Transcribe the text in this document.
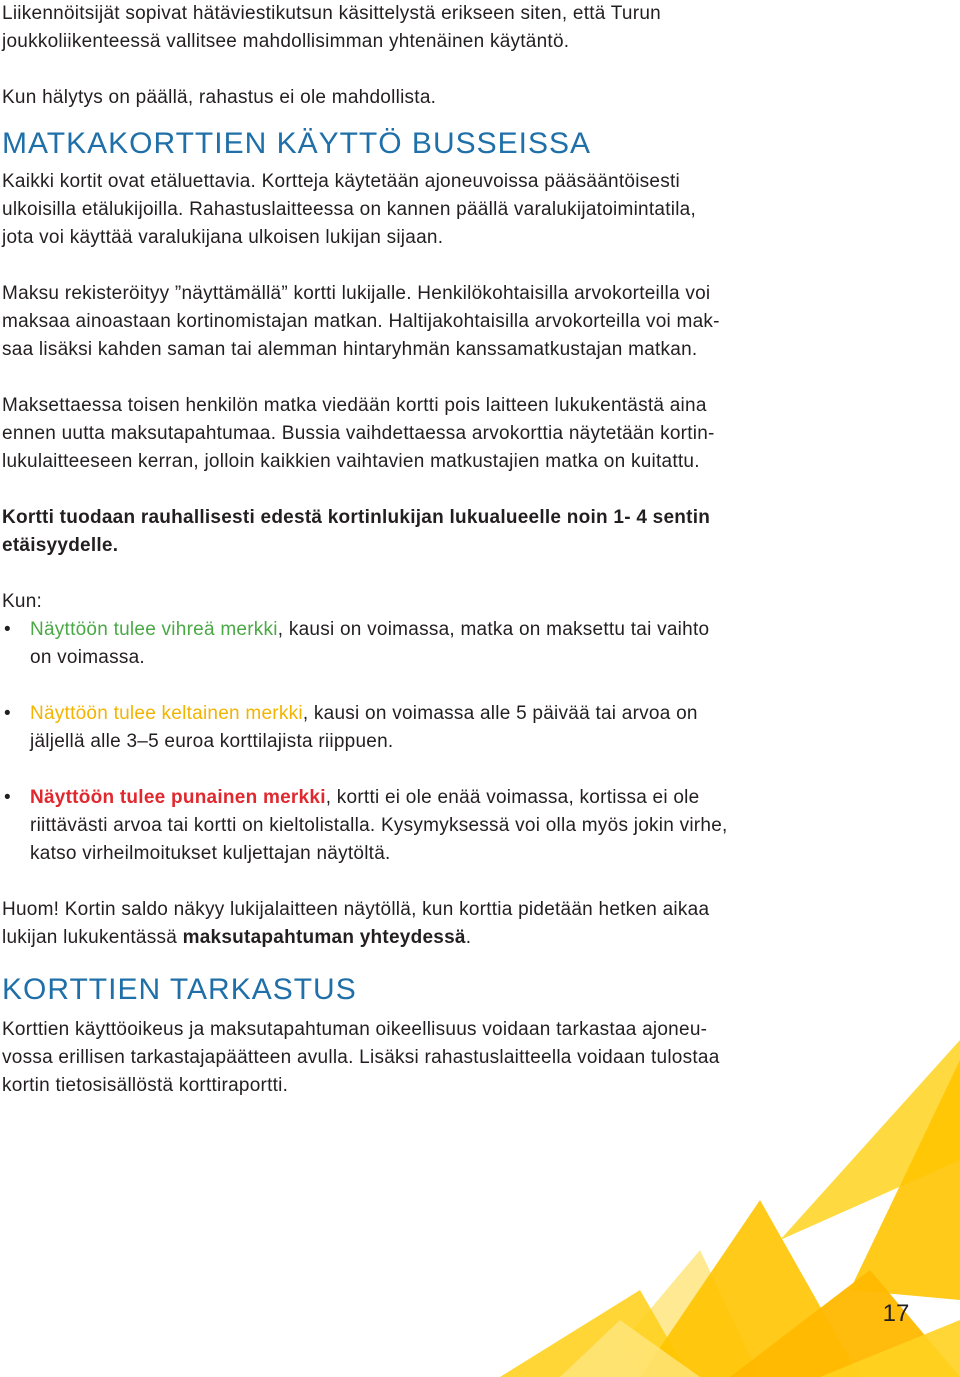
Liikennöitsijät sopivat hätäviestikutsun käsittelystä erikseen siten, että Turun
joukkoliikenteessä vallitsee mahdollisimman yhtenäinen käytäntö.

Kun hälytys on päällä, rahastus ei ole mahdollista.

MATKAKORTTIEN KÄYTTÖ BUSSEISSA

Kaikki kortit ovat etäluettavia. Kortteja käytetään ajoneuvoissa pääsääntöisesti
ulkoisilla etälukijoilla. Rahastuslaitteessa on kannen päällä varalukijatoimintatila,
jota voi käyttää varalukijana ulkoisen lukijan sijaan.

Maksu rekisteröityy ”näyttämällä” kortti lukijalle. Henkilökohtaisilla arvokorteilla voi
maksaa ainoastaan kortinomistajan matkan. Haltijakohtaisilla arvokorteilla voi mak-
saa lisäksi kahden saman tai alemman hintaryhmän kanssamatkustajan matkan.

Maksettaessa toisen henkilön matka viedään kortti pois laitteen lukukentästä aina
ennen uutta maksutapahtumaa. Bussia vaihdettaessa arvokorttia näytetään kortin-
lukulaitteeseen kerran, jolloin kaikkien vaihtavien matkustajien matka on kuitattu.

Kortti tuodaan rauhallisesti edestä kortinlukijan lukualueelle noin 1- 4 sentin
etäisyydelle.

Kun:

• Näyttöön tulee vihreä merkki, kausi on voimassa, matka on maksettu tai vaihto
on voimassa.
• Näyttöön tulee keltainen merkki, kausi on voimassa alle 5 päivää tai arvoa on
jäljellä alle 3–5 euroa korttilajista riippuen.
• Näyttöön tulee punainen merkki, kortti ei ole enää voimassa, kortissa ei ole
riittävästi arvoa tai kortti on kieltolistalla. Kysymyksessä voi olla myös jokin virhe,
katso virheilmoitukset kuljettajan näytöltä.

Huom! Kortin saldo näkyy lukijalaitteen näytöllä, kun korttia pidetään hetken aikaa
lukijan lukukentässä maksutapahtuman yhteydessä.

KORTTIEN TARKASTUS

Korttien käyttöoikeus ja maksutapahtuman oikeellisuus voidaan tarkastaa ajoneu-
vossa erillisen tarkastajapäätteen avulla. Lisäksi rahastuslaitteella voidaan tulostaa
kortin tietosisällöstä korttiraportti.

17
